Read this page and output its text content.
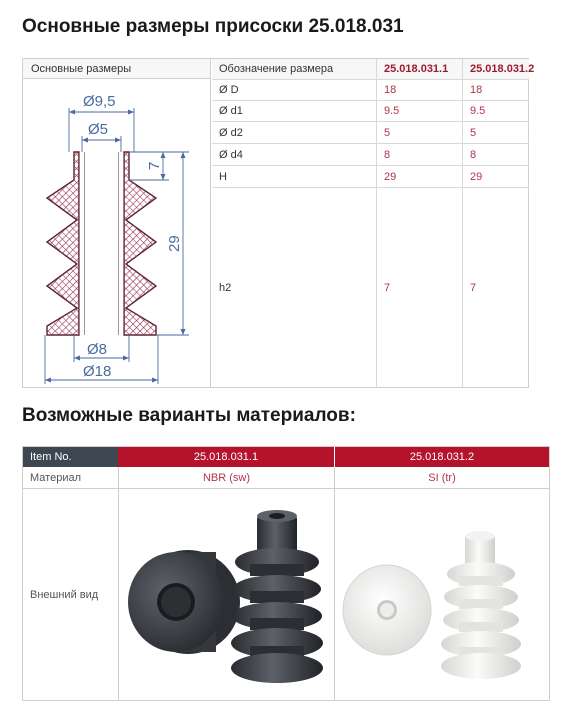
Основные размеры присоски 25.018.031
Основные размеры
Ø9,5
Ø5
7
29
Ø8
Ø18
Обозначение размера	25.018.031.1	25.018.031.2
Ø D	18	18
Ø d1	9.5	9.5
Ø d2	5	5
Ø d4	8	8
H	29	29
h2	7	7
Возможные варианты материалов:
Item No.	25.018.031.1	25.018.031.2
Материал	NBR (sw)	SI (tr)
Внешний вид
